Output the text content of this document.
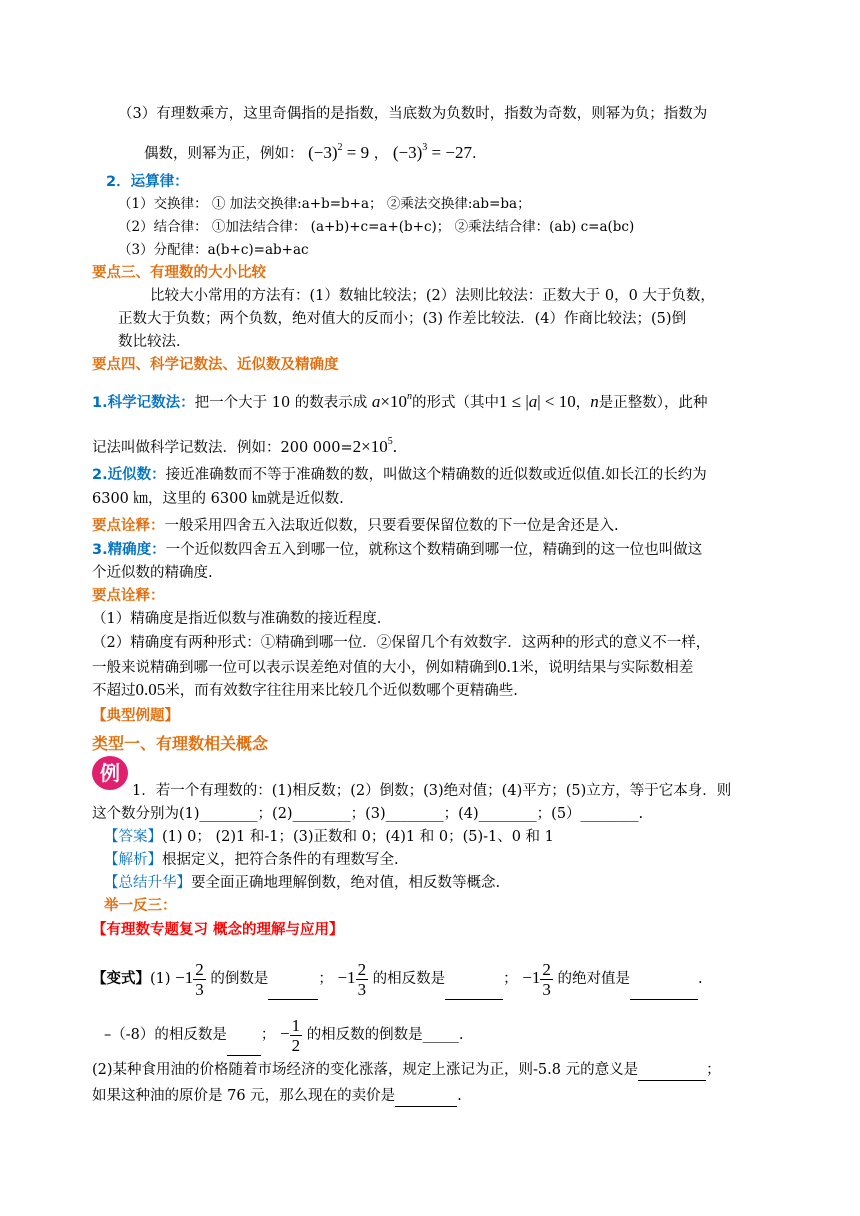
（3）有理数乘方，这里奇偶指的是指数，当底数为负数时，指数为奇数，则幂为负；指数为
偶数，则幂为正，例如： $(-3)^2 = 9$ ， $(-3)^3 = -27$.
2．运算律：
（1）交换律： ① 加法交换律:a+b=b+a； ②乘法交换律:ab=ba；
（2）结合律： ①加法结合律： (a+b)+c=a+(b+c)； ②乘法结合律：(ab) c=a(bc)
（3）分配律：a(b+c)=ab+ac
要点三、有理数的大小比较
比较大小常用的方法有：(1）数轴比较法；(2）法则比较法：正数大于 0，0 大于负数，
正数大于负数；两个负数，绝对值大的反而小；(3) 作差比较法．(4）作商比较法；(5)倒
数比较法．
要点四、科学记数法、近似数及精确度
1.科学记数法：把一个大于 10 的数表示成 $a\times 10^n$的形式（其中1 ≤ |a| < 10，n是正整数），此种
记法叫做科学记数法．例如：200 $000=2\times 10^5$.
2.近似数：接近准确数而不等于准确数的数，叫做这个精确数的近似数或近似值.如长江的长约为
6300 ㎞，这里的 6300 ㎞就是近似数.
要点诠释：一般采用四舍五入法取近似数，只要看要保留位数的下一位是舍还是入.
3.精确度：一个近似数四舍五入到哪一位，就称这个数精确到哪一位，精确到的这一位也叫做这
个近似数的精确度.
要点诠释：
（1）精确度是指近似数与准确数的接近程度.
（2）精确度有两种形式：①精确到哪一位．②保留几个有效数字．这两种的形式的意义不一样，
一般来说精确到哪一位可以表示误差绝对值的大小，例如精确到0.1米，说明结果与实际数相差
不超过0.05米，而有效数字往往用来比较几个近似数哪个更精确些.
【典型例题】
类型一、有理数相关概念
例
1．若一个有理数的：(1)相反数；(2）倒数；(3)绝对值；(4)平方；(5)立方，等于它本身．则
这个数分别为(1)________；(2)________；(3)________；(4)________；(5）________.
【答案】(1) 0； (2)1 和-1；(3)正数和 0；(4)1 和 0；(5)-1、0 和 1
【解析】根据定义，把符合条件的有理数写全.
【总结升华】要全面正确地理解倒数，绝对值，相反数等概念.
举一反三：
【有理数专题复习 概念的理解与应用】
【变式】$(1) -1 \frac{2}{3}$ 的倒数是	； $-1 \frac{2}{3}$ 的相反数是	； $-1 \frac{2}{3}$ 的绝对值是	.
–（-8）的相反数是 ； − $\frac{1}{2}$ 的相反数的倒数是_____.
(2)某种食用油的价格随着市场经济的变化涨落，规定上涨记为正，则-5.8 元的意义是	；
如果这种油的原价是 76 元，那么现在的卖价是	.
